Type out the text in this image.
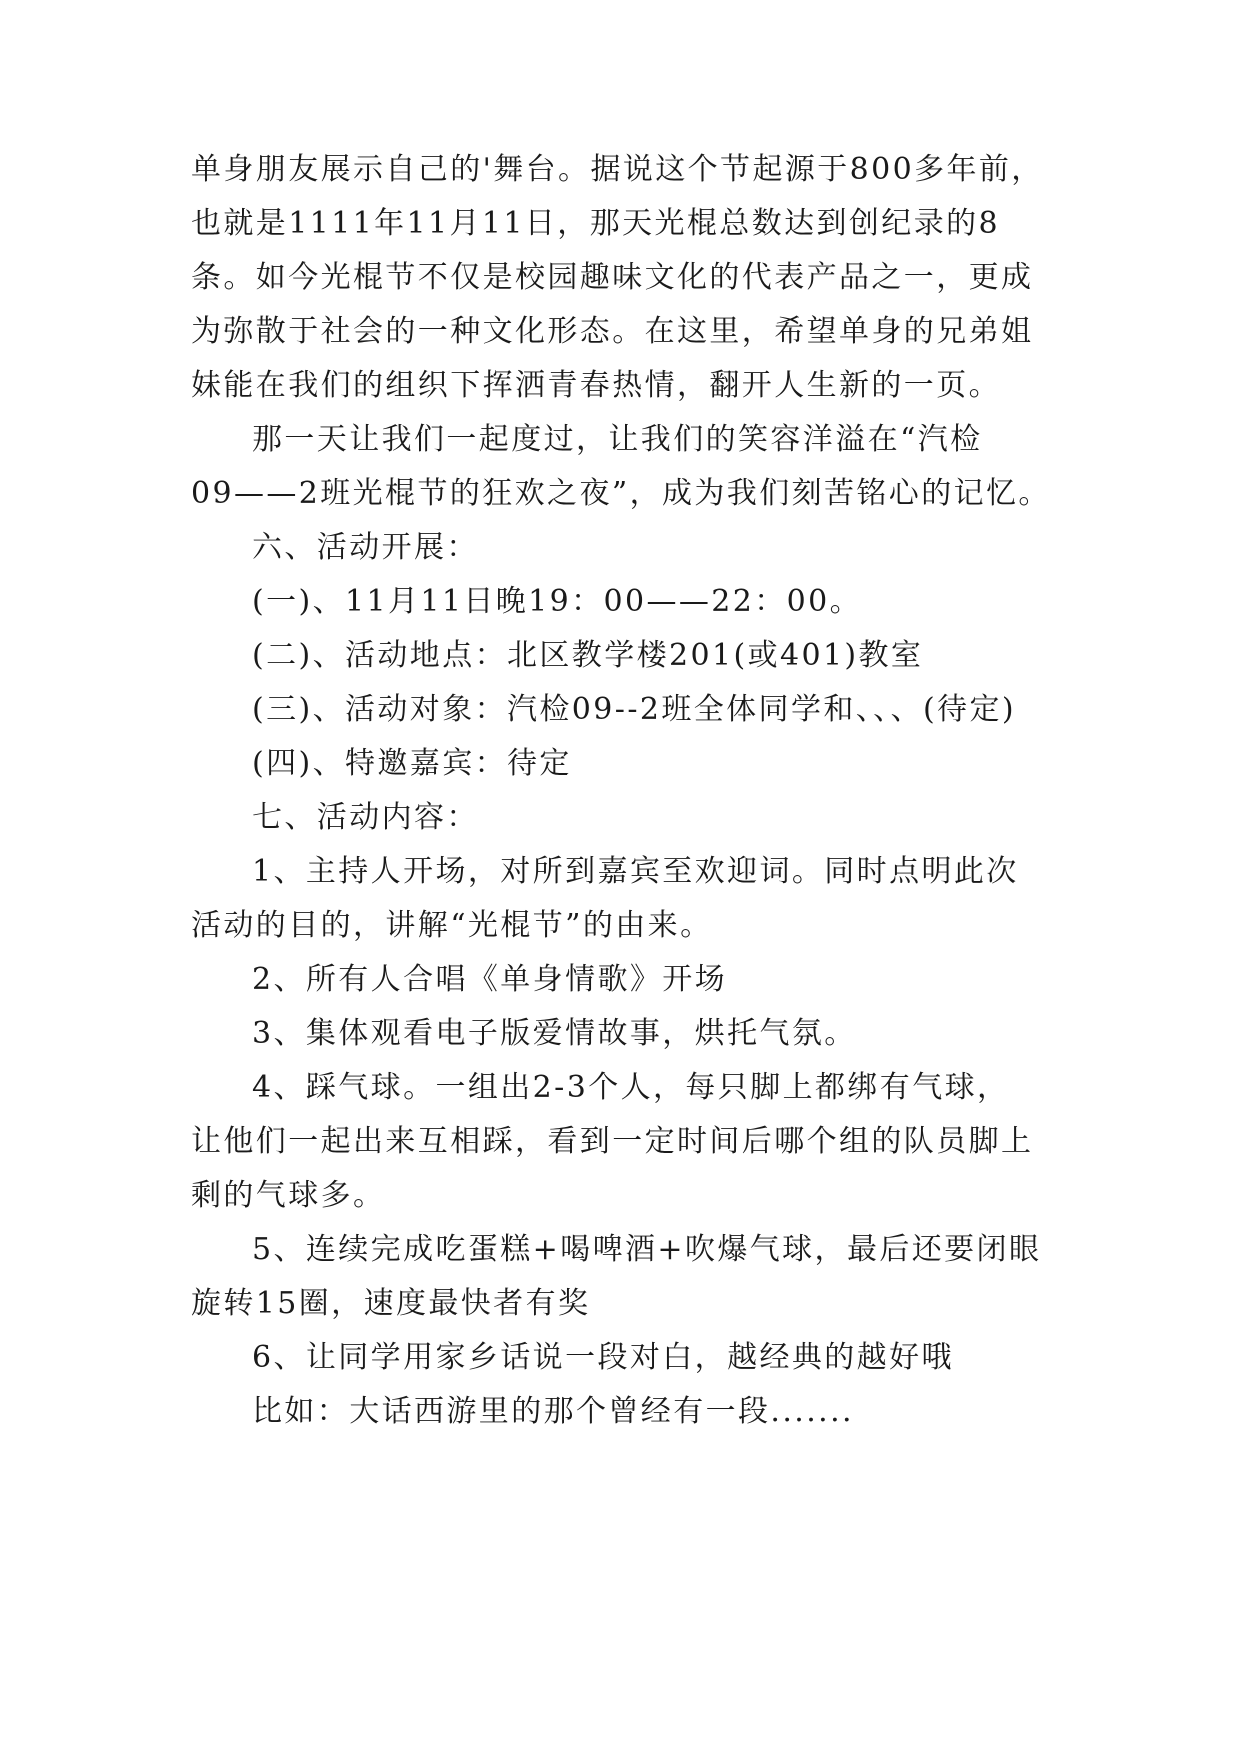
单身朋友展示自己的'舞台。据说这个节起源于800多年前，
也就是1111年11月11日，那天光棍总数达到创纪录的8
条。如今光棍节不仅是校园趣味文化的代表产品之一，更成
为弥散于社会的一种文化形态。在这里，希望单身的兄弟姐
妹能在我们的组织下挥洒青春热情，翻开人生新的一页。
那一天让我们一起度过，让我们的笑容洋溢在“汽检
09——2班光棍节的狂欢之夜”，成为我们刻苦铭心的记忆。
六、活动开展：
(一)、11月11日晚19：00——22：00。
(二)、活动地点：北区教学楼201(或401)教室
(三)、活动对象：汽检09--2班全体同学和、、、(待定)
(四)、特邀嘉宾：待定
七、活动内容：
1、主持人开场，对所到嘉宾至欢迎词。同时点明此次
活动的目的，讲解“光棍节”的由来。
2、所有人合唱《单身情歌》开场
3、集体观看电子版爱情故事，烘托气氛。
4、踩气球。一组出2-3个人，每只脚上都绑有气球，
让他们一起出来互相踩，看到一定时间后哪个组的队员脚上
剩的气球多。
5、连续完成吃蛋糕+喝啤酒+吹爆气球，最后还要闭眼
旋转15圈，速度最快者有奖
6、让同学用家乡话说一段对白，越经典的越好哦
比如：大话西游里的那个曾经有一段.......
